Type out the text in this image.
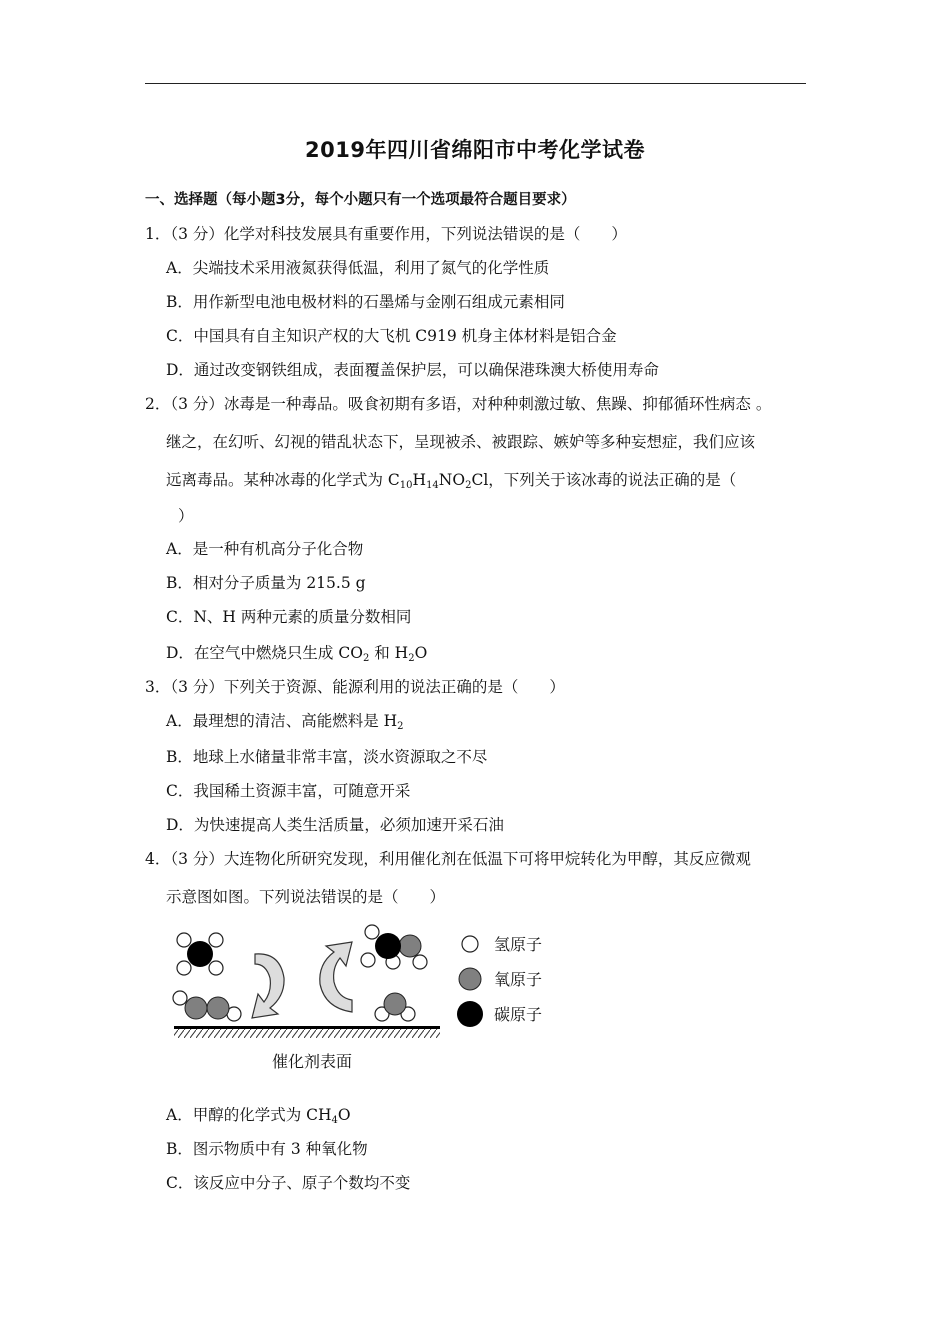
2019年四川省绵阳市中考化学试卷
一、选择题（每小题3分，每个小题只有一个选项最符合题目要求）
1．（3 分）化学对科技发展具有重要作用，下列说法错误的是（　　）
A．尖端技术采用液氮获得低温，利用了氮气的化学性质
B．用作新型电池电极材料的石墨烯与金刚石组成元素相同
C．中国具有自主知识产权的大飞机 C919 机身主体材料是铝合金
D．通过改变钢铁组成，表面覆盖保护层，可以确保港珠澳大桥使用寿命
2．（3 分）冰毒是一种毒品。吸食初期有多语，对种种刺激过敏、焦躁、抑郁循环性病态 。
继之，在幻听、幻视的错乱状态下，呈现被杀、被跟踪、嫉妒等多种妄想症，我们应该
远离毒品。某种冰毒的化学式为 $C_{10}H_{14}NO_2Cl$，下列关于该冰毒的说法正确的是（
）
A．是一种有机高分子化合物
B．相对分子质量为 215.5 g
C．N、H 两种元素的质量分数相同
D．在空气中燃烧只生成 $CO_2$ 和 $H_2O$
3．（3 分）下列关于资源、能源利用的说法正确的是（　　）
A．最理想的清洁、高能燃料是 $H_2$
B．地球上水储量非常丰富，淡水资源取之不尽
C．我国稀土资源丰富，可随意开采
D．为快速提高人类生活质量，必须加速开采石油
4．（3 分）大连物化所研究发现，利用催化剂在低温下可将甲烷转化为甲醇，其反应微观
示意图如图。下列说法错误的是（　　）
氢原子
氧原子
碳原子
催化剂表面
A．甲醇的化学式为 $CH_4O$
B．图示物质中有 3 种氧化物
C．该反应中分子、原子个数均不变
